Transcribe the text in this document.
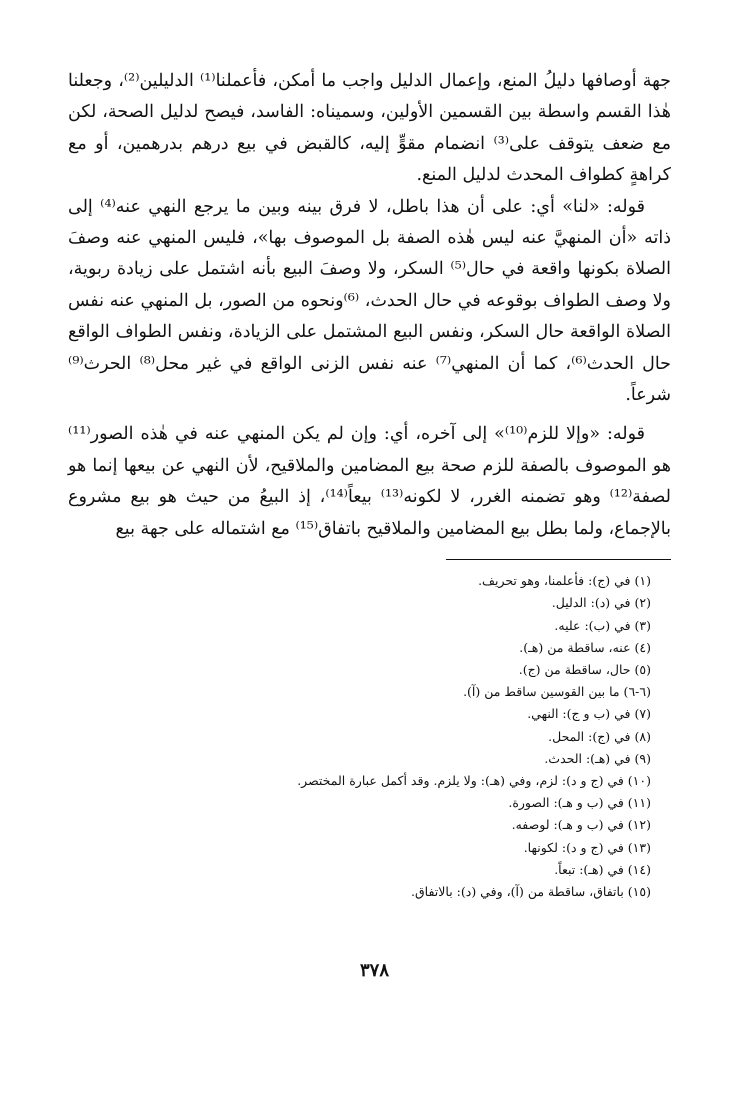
جهة أوصافها دليلُ المنع، وإعمال الدليل واجب ما أمكن، فأعملنا⁽¹⁾ الدليلين⁽²⁾، وجعلنا هٰذا القسم واسطة بين القسمين الأولين، وسميناه: الفاسد، فيصح لدليل الصحة، لكن مع ضعف يتوقف على⁽³⁾ انضمام مقوٍّ إليه، كالقبض في بيع درهم بدرهمين، أو مع كراهةٍ كطواف المحدث لدليل المنع.

قوله: «لنا» أي: على أن هذا باطل، لا فرق بينه وبين ما يرجع النهي عنه⁽⁴⁾ إلى ذاته «أن المنهيَّ عنه ليس هٰذه الصفة بل الموصوف بها»، فليس المنهي عنه وصفَ الصلاة بكونها واقعة في حال⁽⁵⁾ السكر، ولا وصفَ البيع بأنه اشتمل على زيادة ربوية، ولا وصف الطواف بوقوعه في حال الحدث، ⁽⁶⁾ونحوه من الصور، بل المنهي عنه نفس الصلاة الواقعة حال السكر، ونفس البيع المشتمل على الزيادة، ونفس الطواف الواقع حال الحدث⁽⁶⁾، كما أن المنهي⁽⁷⁾ عنه نفس الزنى الواقع في غير محل⁽⁸⁾ الحرث⁽⁹⁾ شرعاً.

قوله: «وإلا للزم⁽¹⁰⁾» إلى آخره، أي: وإن لم يكن المنهي عنه في هٰذه الصور⁽¹¹⁾ هو الموصوف بالصفة للزم صحة بيع المضامين والملاقيح، لأن النهي عن بيعها إنما هو لصفة⁽¹²⁾ وهو تضمنه الغرر، لا لكونه⁽¹³⁾ بيعاً⁽¹⁴⁾، إذ البيعُ من حيث هو بيع مشروع بالإجماع، ولما بطل بيع المضامين والملاقيح باتفاق⁽¹⁵⁾ مع اشتماله على جهة بيع

(١) في (ج): فأعلمنا، وهو تحريف.
(٢) في (د): الدليل.
(٣) في (ب): عليه.
(٤) عنه، ساقطة من (هـ).
(٥) حال، ساقطة من (ج).
(٦-٦) ما بين القوسين ساقط من (آ).
(٧) في (ب و ج): النهي.
(٨) في (ج): المحل.
(٩) في (هـ): الحدث.
(١٠) في (ج و د): لزم، وفي (هـ): ولا يلزم. وقد أكمل عبارة المختصر.
(١١) في (ب و هـ): الصورة.
(١٢) في (ب و هـ): لوصفه.
(١٣) في (ج و د): لكونها.
(١٤) في (هـ): تبعاً.
(١٥) باتفاق، ساقطة من (آ)، وفي (د): بالاتفاق.
٣٧٨
